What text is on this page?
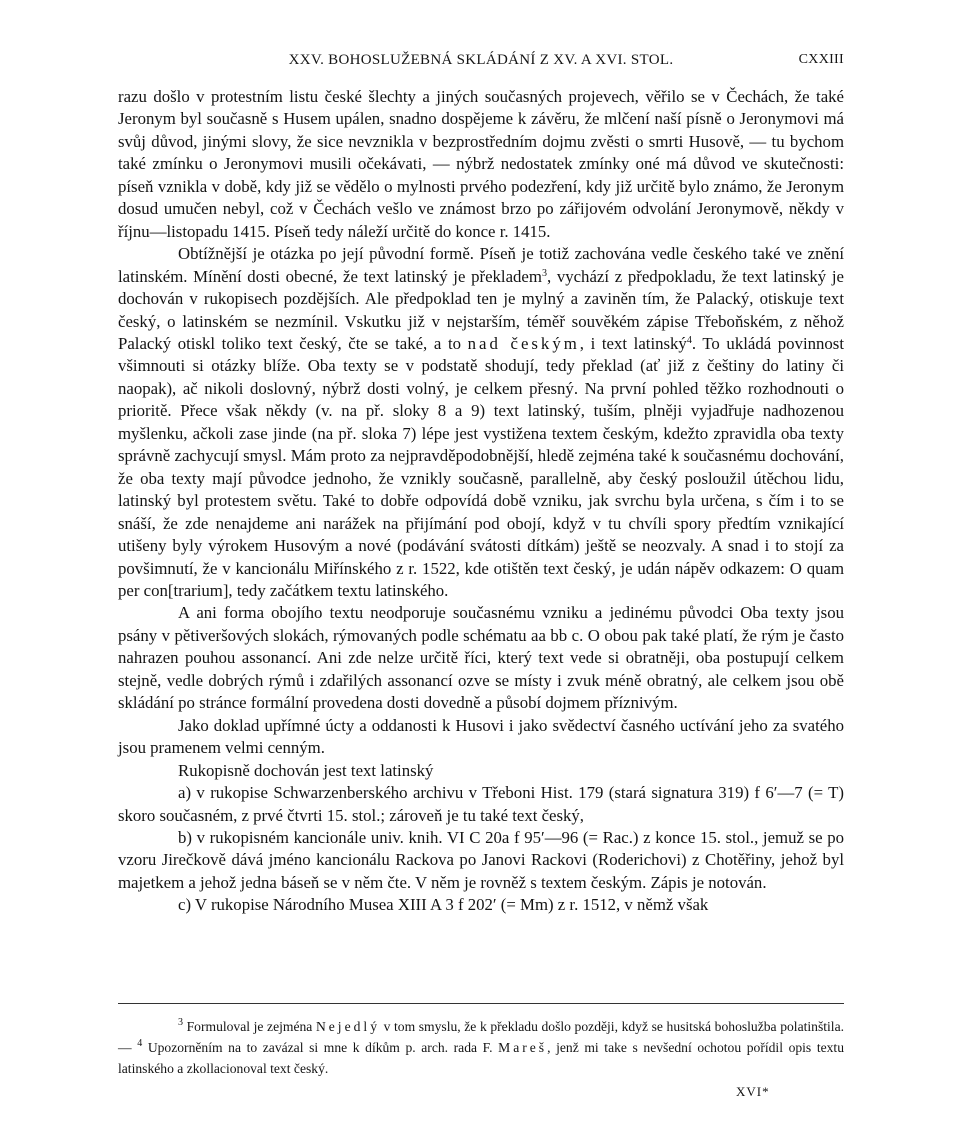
XXV. BOHOSLUŽEBNÁ SKLÁDÁNÍ Z XV. A XVI. STOL.	CXXIII

razu došlo v protestním listu české šlechty a jiných současných projevech, věřilo se v Čechách, že také Jeronym byl současně s Husem upálen, snadno dospějeme k závěru, že mlčení naší písně o Jeronymovi má svůj důvod, jinými slovy, že sice nevznikla v bezprostředním dojmu zvěsti o smrti Husově, — tu bychom také zmínku o Jeronymovi musili očekávati, — nýbrž nedostatek zmínky oné má důvod ve skutečnosti: píseň vznikla v době, kdy již se vědělo o mylnosti prvého podezření, kdy již určitě bylo známo, že Jeronym dosud umučen nebyl, což v Čechách vešlo ve známost brzo po zářijovém odvolání Jeronymově, někdy v říjnu—listopadu 1415. Píseň tedy náleží určitě do konce r. 1415.

Obtížnější je otázka po její původní formě. Píseň je totiž zachována vedle českého také ve znění latinském. Mínění dosti obecné, že text latinský je překladem$^3$, vychází z předpokladu, že text latinský je dochován v rukopisech pozdějších. Ale předpoklad ten je mylný a zaviněn tím, že Palacký, otiskuje text český, o latinském se nezmínil. Vskutku již v nejstarším, téměř souvěkém zápise Třeboňském, z něhož Palacký otiskl toliko text český, čte se také, a to nad českým, i text latinský$^4$. To ukládá povinnost všimnouti si otázky blíže. Oba texty se v podstatě shodují, tedy překlad (ať již z češtiny do latiny či naopak), ač nikoli doslovný, nýbrž dosti volný, je celkem přesný. Na první pohled těžko rozhodnouti o prioritě. Přece však někdy (v. na př. sloky 8 a 9) text latinský, tuším, plněji vyjadřuje nadhozenou myšlenku, ačkoli zase jinde (na př. sloka 7) lépe jest vystižena textem českým, kdežto zpravidla oba texty správně zachycují smysl. Mám proto za nejpravděpodobnější, hledě zejména také k současnému dochování, že oba texty mají původce jednoho, že vznikly současně, parallelně, aby český posloužil útěchou lidu, latinský byl protestem světu. Také to dobře odpovídá době vzniku, jak svrchu byla určena, s čím i to se snáší, že zde nenajdeme ani narážek na přijímání pod obojí, když v tu chvíli spory předtím vznikající utišeny byly výrokem Husovým a nové (podávání svátosti dítkám) ještě se neozvaly. A snad i to stojí za povšimnutí, že v kancionálu Miřínského z r. 1522, kde otištěn text český, je udán nápěv odkazem: O quam per con[trarium], tedy začátkem textu latinského.

A ani forma obojího textu neodporuje současnému vzniku a jedinému původci Oba texty jsou psány v pětiveršových slokách, rýmovaných podle schématu aa bb c. O obou pak také platí, že rým je často nahrazen pouhou assonancí. Ani zde nelze určitě říci, který text vede si obratněji, oba postupují celkem stejně, vedle dobrých rýmů i zdařilých assonancí ozve se místy i zvuk méně obratný, ale celkem jsou obě skládání po stránce formální provedena dosti dovedně a působí dojmem příznivým.

Jako doklad upřímné úcty a oddanosti k Husovi i jako svědectví časného uctívání jeho za svatého jsou pramenem velmi cenným.

Rukopisně dochován jest text latinský

a) v rukopise Schwarzenberského archivu v Třeboni Hist. 179 (stará signatura 319) f 6′—7 (= T) skoro současném, z prvé čtvrti 15. stol.; zároveň je tu také text český,

b) v rukopisném kancionále univ. knih. VI C 20a f 95′—96 (= Rac.) z konce 15. stol., jemuž se po vzoru Jirečkově dává jméno kancionálu Rackova po Janovi Rackovi (Roderichovi) z Chotěřiny, jehož byl majetkem a jehož jedna báseň se v něm čte. V něm je rovněž s textem českým. Zápis je notován.

c) V rukopise Národního Musea XIII A 3 f 202′ (= Mm) z r. 1512, v němž však

$^3$ Formuloval je zejména Nejedlý v tom smyslu, že k překladu došlo později, když se husitská bohoslužba polatinštila. — $^4$ Upozorněním na to zavázal si mne k díkům p. arch. rada F. Mareš, jenž mi take s nevšední ochotou pořídil opis textu latinského a zkollacionoval text český.

XVI*
